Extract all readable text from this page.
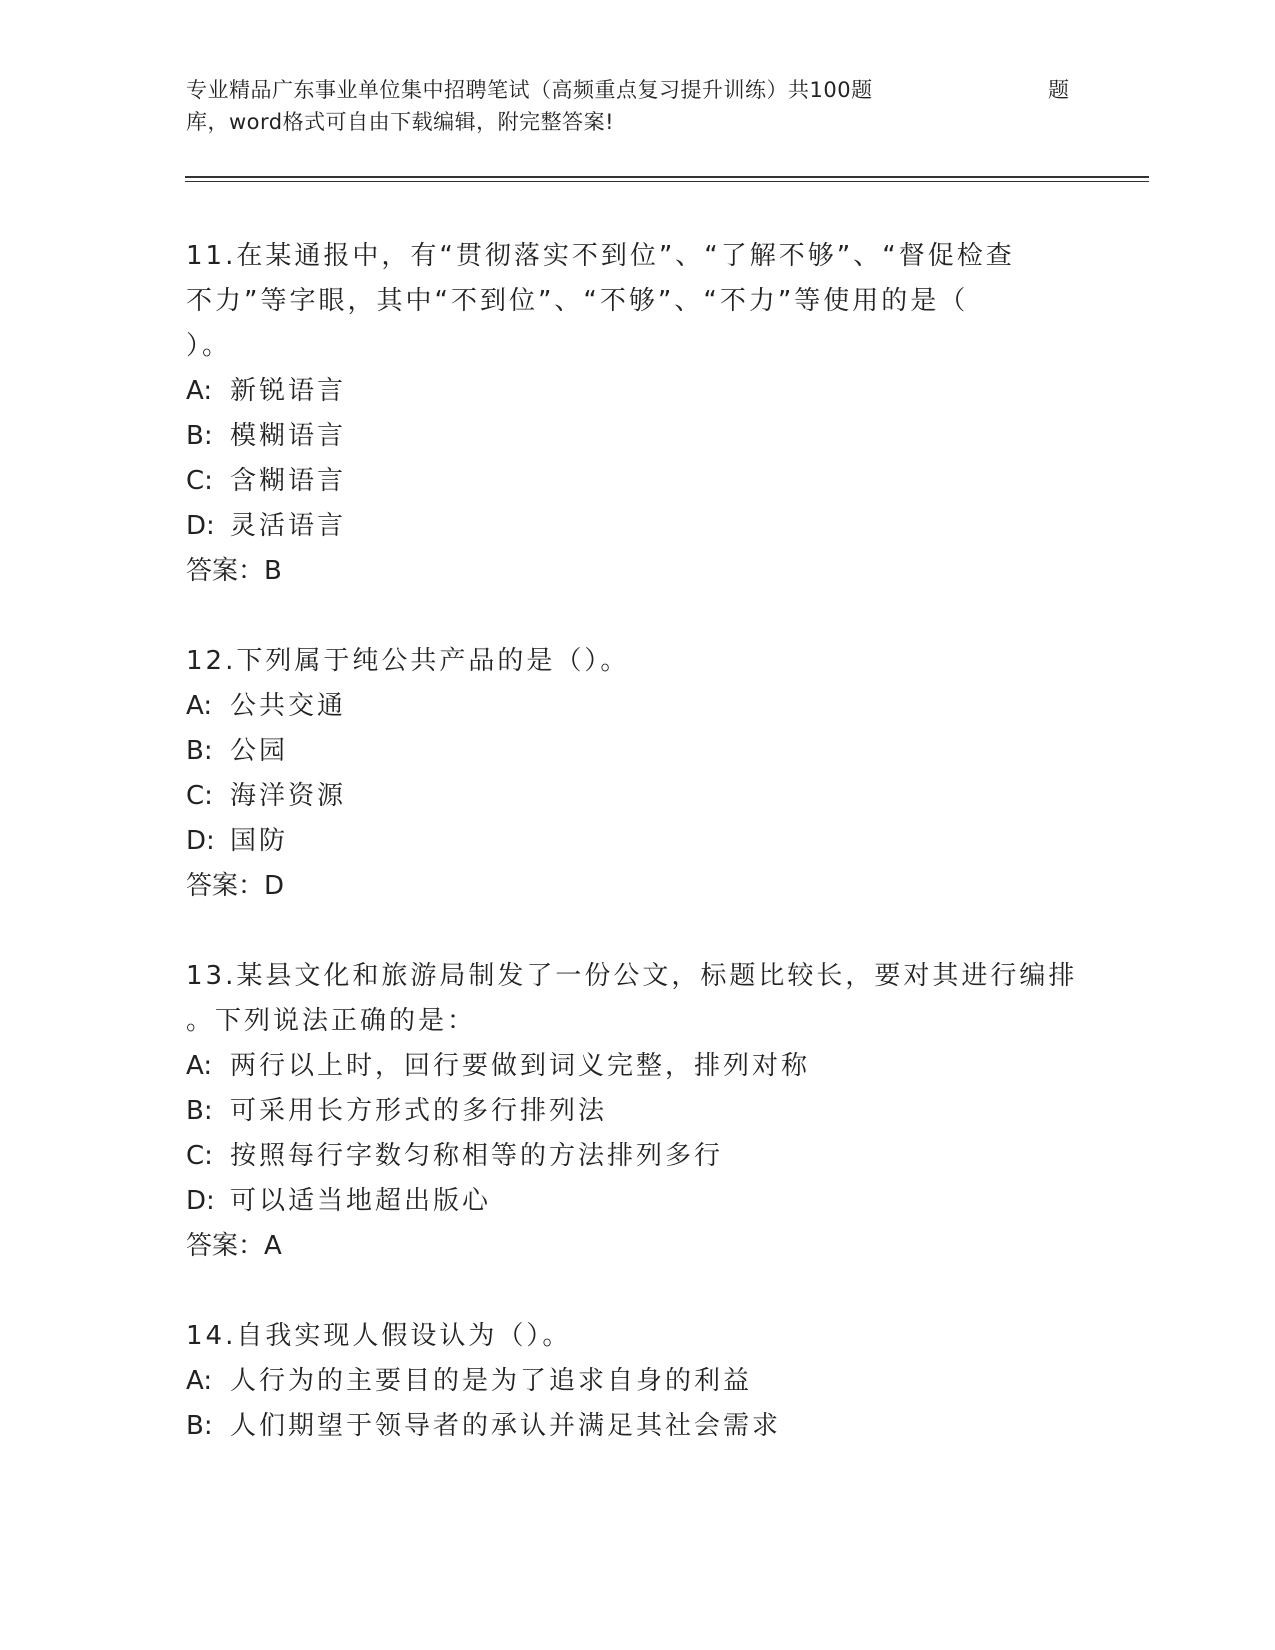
专业精品广东事业单位集中招聘笔试（高频重点复习提升训练）共100题	题
库，word格式可自由下载编辑，附完整答案!
11.在某通报中，有“贯彻落实不到位”、“了解不够”、“督促检查
不力”等字眼，其中“不到位”、“不够”、“不力”等使用的是（
）。
A: 新锐语言
B: 模糊语言
C: 含糊语言
D: 灵活语言
答案：B
12.下列属于纯公共产品的是（）。
A: 公共交通
B: 公园
C: 海洋资源
D: 国防
答案：D
13.某县文化和旅游局制发了一份公文，标题比较长，要对其进行编排
。下列说法正确的是：
A: 两行以上时，回行要做到词义完整，排列对称
B: 可采用长方形式的多行排列法
C: 按照每行字数匀称相等的方法排列多行
D: 可以适当地超出版心
答案：A
14.自我实现人假设认为（）。
A: 人行为的主要目的是为了追求自身的利益
B: 人们期望于领导者的承认并满足其社会需求
